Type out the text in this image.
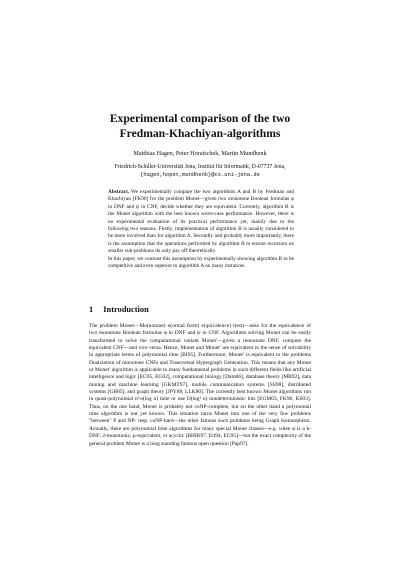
Experimental comparison of the two
Fredman-Khachiyan-algorithms
Matthias Hagen, Peter Horatschek, Martin Mundhenk
Friedrich-Schiller-Universität Jena, Institut für Informatik, D-07737 Jena,
{hagen,hopet,mundhenk}@cs.uni-jena.de

Abstract. We experimentally compare the two algorithms A and B by Fredman and Khachiyan [FK96] for the problem Monet—given two monotone Boolean formulas φ in DNF and ψ in CNF, decide whether they are equivalent. Currently, algorithm B is the Monet algorithm with the best known worst-case performance. However, there is no experimental evaluation of its practical performance yet, mainly due to the following two reasons. Firstly, implementation of algorithm B is usually considered to be more involved than for algorithm A. Secondly and probably more importantly, there is the assumption that the operations performed by algorithm B to ensure recursion on smaller sub-problems do only pay off theoretically.

In this paper, we contrast this assumption by experimentally showing algorithm B to be competitive and even superior to algorithm A on many instances.

1 Introduction

The problem Monet—Mo(notone) n(ormal form) e(quivalence) t(est)—asks for the equivalence of two monotone Boolean formulas φ in DNF and ψ in CNF. Algorithms solving Monet can be easily transformed to solve the computational variant Monet′—given a monotone DNF, compute the equivalent CNF—and vice versa. Hence, Monet and Monet′ are equivalent in the sense of solvability in appropriate terms of polynomial time [BI95]. Furthermore, Monet′ is equivalent to the problems Dualization of monotone CNFs and Transversal Hypergraph Generation. This means that any Monet or Monet′ algorithm is applicable to many fundamental problems in such different fields like artificial intelligence and logic [EG95, EG02], computational biology [Dam06], database theory [MR92], data mining and machine learning [GKMT97], mobile communication systems [SS98], distributed systems [GB85], and graph theory [JPY88, LLK80]. The currently best known Monet algorithms run in quasi-polynomial n^o(log n) time or use O(log² n) nondeterministic bits [EGM03, FK96, KS03]. Thus, on the one hand, Monet is probably not coNP-complete, but on the other hand a polynomial time algorithm is not yet known. This situation turns Monet into one of the very few problems "between" P and NP- resp. coNP-hard—the other famous such problems being Graph Isomorphism. Actually, there are polynomial time algorithms for many special Monet classes—e.g. when φ is a k-DNF, 2-monotonic, μ-equivalent, or acyclic [BHIK97, Eit94, EG95]—but the exact complexity of the general problem Monet is a long standing famous open question [Pap97].
